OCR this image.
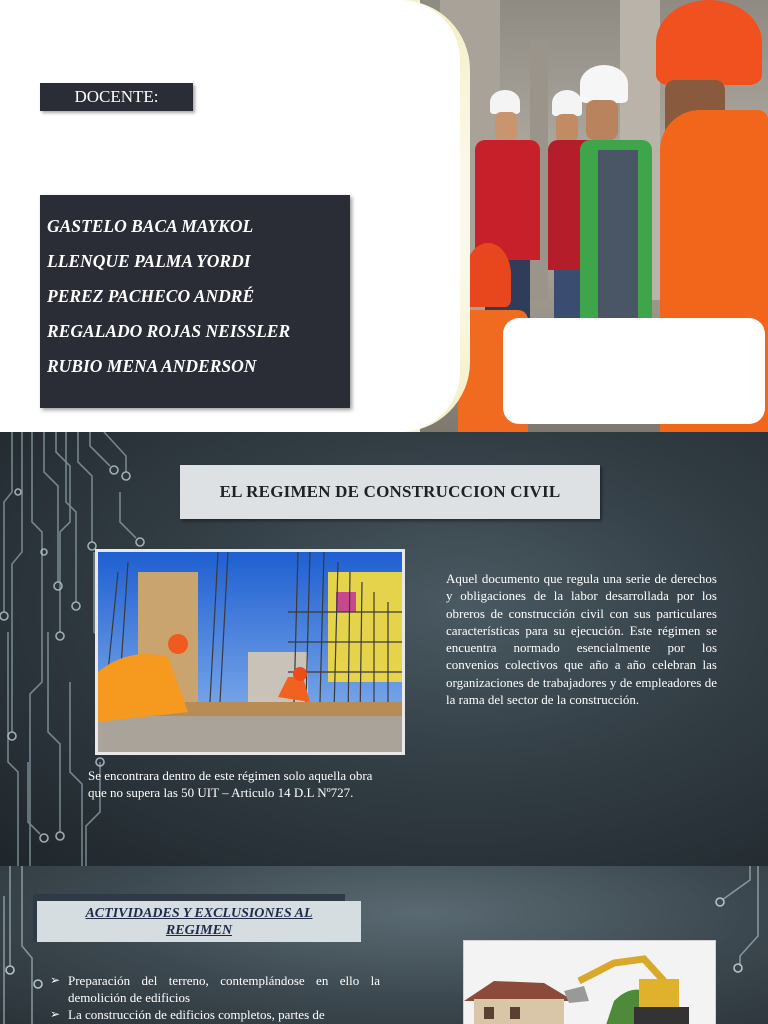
DOCENTE:
GASTELO BACA MAYKOL
LLENQUE PALMA YORDI
PEREZ PACHECO ANDRÉ
REGALADO ROJAS NEISSLER
RUBIO MENA ANDERSON
EL REGIMEN DE CONSTRUCCION CIVIL
Se encontrara dentro de este régimen solo aquella obra
que no supera las 50 UIT – Articulo 14 D.L Nº727.
Aquel documento que regula una serie de derechos y obligaciones de la labor desarrollada por los obreros de construcción civil con sus particulares características para su ejecución. Este régimen se encuentra normado esencialmente por los convenios colectivos que año a año celebran las organizaciones de trabajadores y de empleadores de la rama del sector de la construcción.
ACTIVIDADES Y EXCLUSIONES AL
REGIMEN
➢ Preparación del terreno, contemplándose en ello la demolición de edificios
➢ La construcción de edificios completos, partes de
